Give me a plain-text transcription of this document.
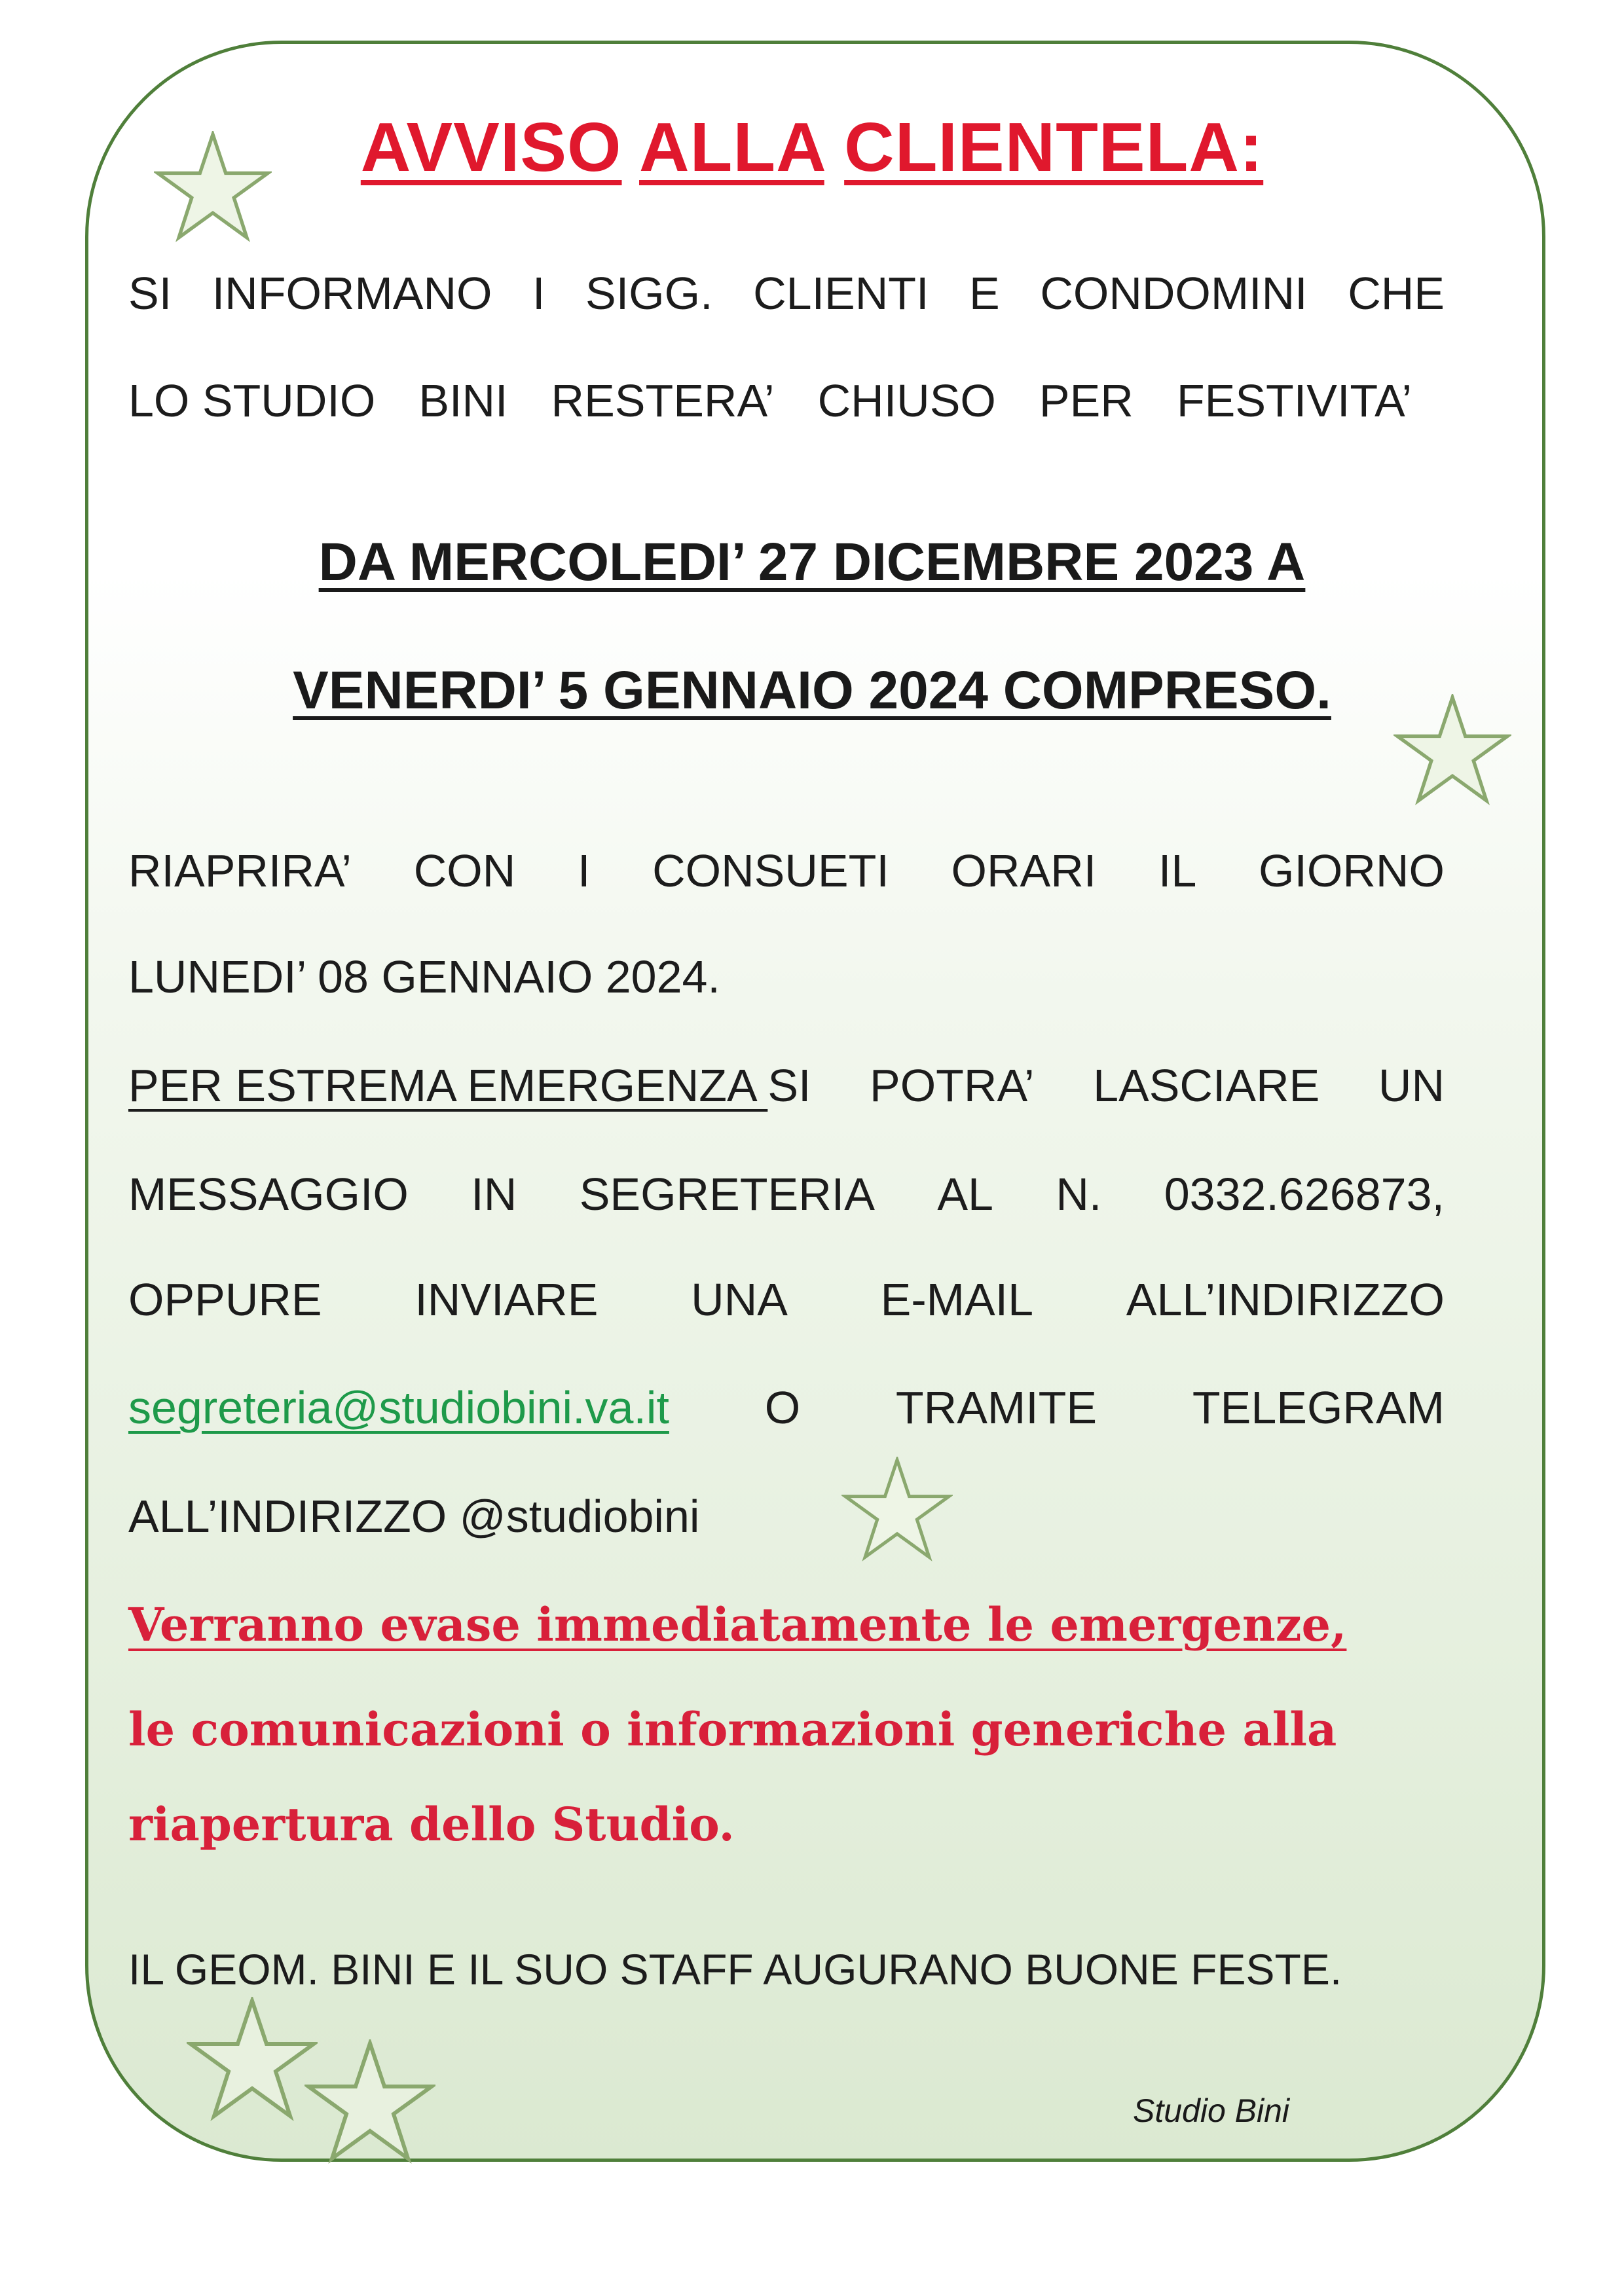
AVVISO ALLA CLIENTELA:
SI INFORMANO I SIGG. CLIENTI E CONDOMINI CHE
LO STUDIO BINI RESTERA’ CHIUSO PER FESTIVITA’
DA MERCOLEDI’ 27 DICEMBRE 2023 A
VENERDI’ 5 GENNAIO 2024 COMPRESO.
RIAPRIRA’ CON I CONSUETI ORARI IL GIORNO
LUNEDI’ 08 GENNAIO 2024.
PER ESTREMA EMERGENZA SI POTRA’ LASCIARE UN
MESSAGGIO IN SEGRETERIA AL N. 0332.626873,
OPPURE INVIARE UNA E-MAIL ALL’INDIRIZZO
segreteria@studiobini.va.it O TRAMITE TELEGRAM
ALL’INDIRIZZO @studiobini
Verranno evase immediatamente le emergenze,
le comunicazioni o informazioni generiche alla
riapertura dello Studio.
IL GEOM. BINI E IL SUO STAFF AUGURANO BUONE FESTE.
Studio Bini
